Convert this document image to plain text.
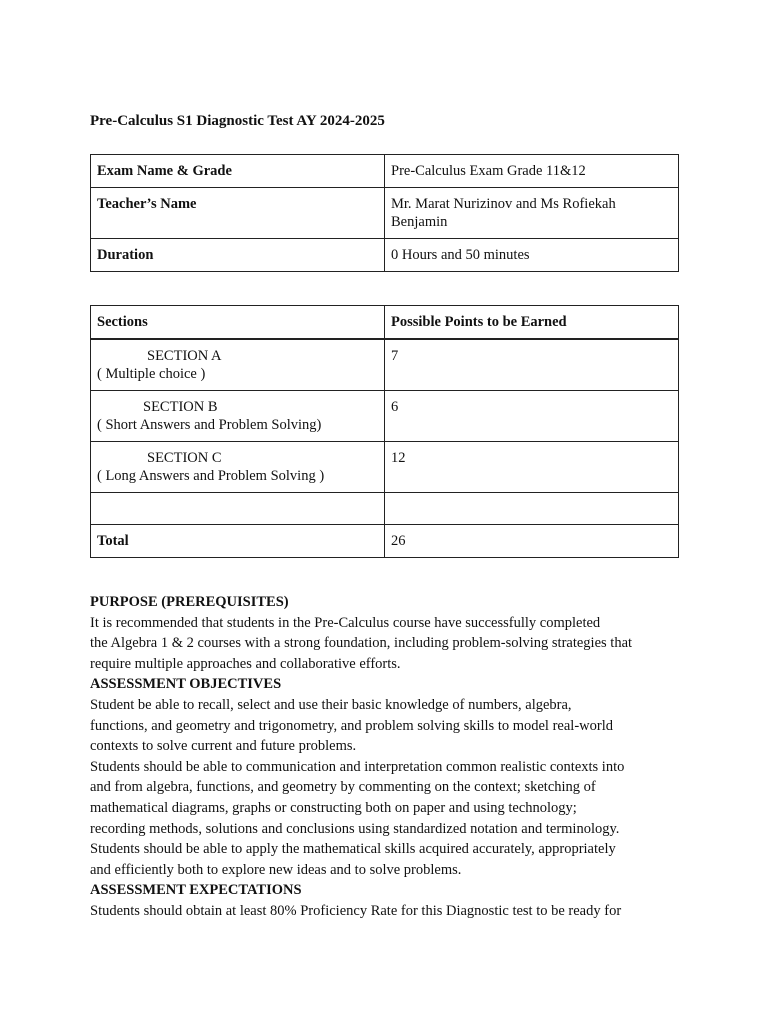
Pre-Calculus S1 Diagnostic Test AY 2024-2025
Exam Name & Grade	Pre-Calculus Exam Grade 11&12
Teacher’s Name	Mr. Marat Nurizinov and Ms Rofiekah
Benjamin

Duration	0 Hours and 50 minutes
Sections	Possible Points to be Earned

SECTION A
( Multiple choice )	7

SECTION B
( Short Answers and Problem Solving)	6

SECTION C
( Long Answers and Problem Solving )	12

Total	26

PURPOSE (PREREQUISITES)

It is recommended that students in the Pre-Calculus course have successfully completed

the Algebra 1 & 2 courses with a strong foundation, including problem-solving strategies that

require multiple approaches and collaborative efforts.

ASSESSMENT OBJECTIVES

Student be able to recall, select and use their basic knowledge of numbers, algebra,

functions, and geometry and trigonometry, and problem solving skills to model real-world

contexts to solve current and future problems.

Students should be able to communication and interpretation common realistic contexts into

and from algebra, functions, and geometry by commenting on the context; sketching of

mathematical diagrams, graphs or constructing both on paper and using technology;

recording methods, solutions and conclusions using standardized notation and terminology.

Students should be able to apply the mathematical skills acquired accurately, appropriately

and efficiently both to explore new ideas and to solve problems.

ASSESSMENT EXPECTATIONS

Students should obtain at least 80% Proficiency Rate for this Diagnostic test to be ready for
